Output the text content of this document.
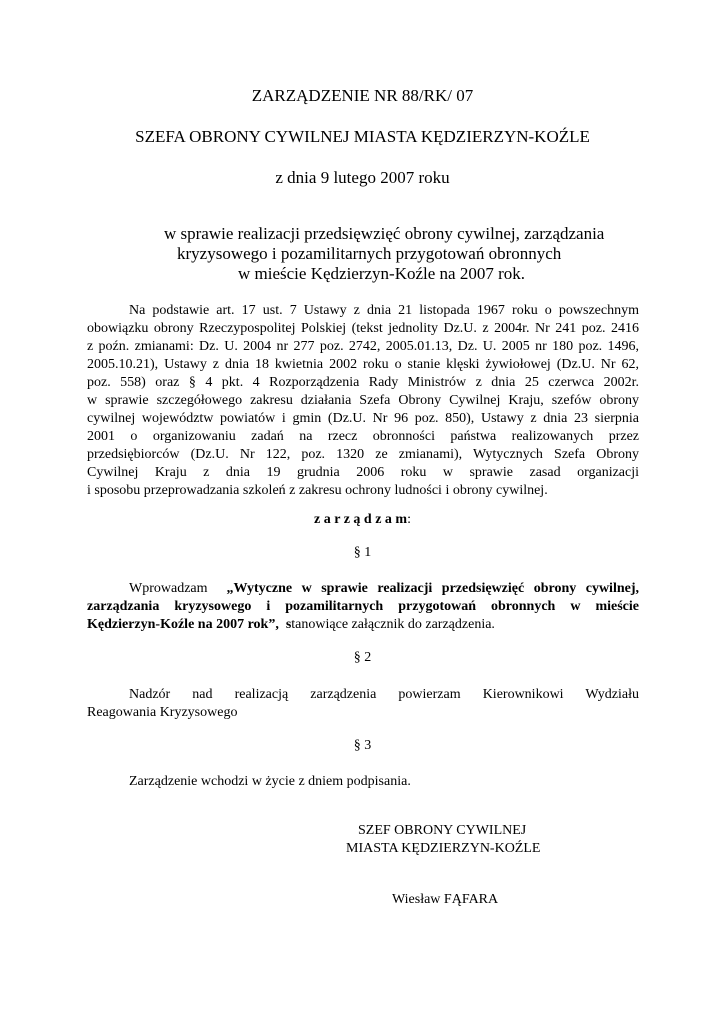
ZARZĄDZENIE NR 88/RK/ 07
SZEFA OBRONY CYWILNEJ MIASTA KĘDZIERZYN-KOŹLE
z dnia 9 lutego 2007 roku
w sprawie realizacji przedsięwzięć obrony cywilnej, zarządzania
kryzysowego i pozamilitarnych przygotowań obronnych
w mieście Kędzierzyn-Koźle na 2007 rok.
Na podstawie art. 17 ust. 7 Ustawy z dnia 21 listopada 1967 roku o powszechnym
obowiązku obrony Rzeczypospolitej Polskiej (tekst jednolity Dz.U. z 2004r. Nr 241 poz. 2416
z poźn. zmianami: Dz. U. 2004 nr 277 poz. 2742, 2005.01.13, Dz. U. 2005 nr 180 poz. 1496,
2005.10.21), Ustawy z dnia 18 kwietnia 2002 roku o stanie klęski żywiołowej (Dz.U. Nr 62,
poz. 558) oraz § 4 pkt. 4 Rozporządzenia Rady Ministrów z dnia 25 czerwca 2002r.
w sprawie szczegółowego zakresu działania Szefa Obrony Cywilnej Kraju, szefów obrony
cywilnej województw powiatów i gmin (Dz.U. Nr 96 poz. 850), Ustawy z dnia 23 sierpnia
2001 o organizowaniu zadań na rzecz obronności państwa realizowanych przez
przedsiębiorców (Dz.U. Nr 122, poz. 1320 ze zmianami), Wytycznych Szefa Obrony
Cywilnej Kraju z dnia 19 grudnia 2006 roku w sprawie zasad organizacji
i sposobu przeprowadzania szkoleń z zakresu ochrony ludności i obrony cywilnej.
z a r z ą d z a m:
§ 1
Wprowadzam „Wytyczne w sprawie realizacji przedsięwzięć obrony cywilnej,
zarządzania kryzysowego i pozamilitarnych przygotowań obronnych w mieście
Kędzierzyn-Koźle na 2007 rok”, stanowiące załącznik do zarządzenia.
§ 2
Nadzór nad realizacją zarządzenia powierzam Kierownikowi Wydziału
Reagowania Kryzysowego
§ 3
Zarządzenie wchodzi w życie z dniem podpisania.
SZEF OBRONY CYWILNEJ
MIASTA KĘDZIERZYN-KOŹLE
Wiesław FĄFARA
